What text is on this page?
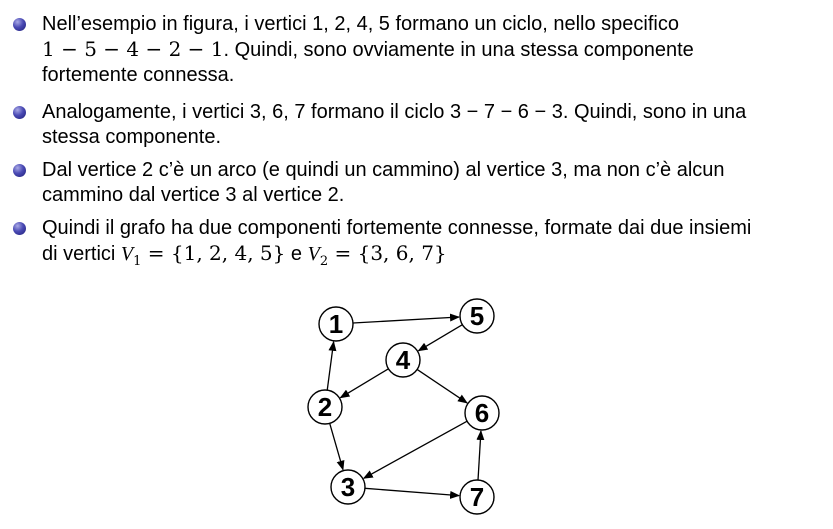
Nell’esempio in figura, i vertici 1, 2, 4, 5 formano un ciclo, nello specifico
1 − 5 − 4 − 2 − 1. Quindi, sono ovviamente in una stessa componente
fortemente connessa.
Analogamente, i vertici 3, 6, 7 formano il ciclo 3 − 7 − 6 − 3. Quindi, sono in una
stessa componente.
Dal vertice 2 c’è un arco (e quindi un cammino) al vertice 3, ma non c’è alcun
cammino dal vertice 3 al vertice 2.
Quindi il grafo ha due componenti fortemente connesse, formate dai due insiemi
di vertici $V_1 = \{1$, 2, 4, 5} e $V_2 = \{3$, 6, 7}
1
2
3
4
5
6
7
